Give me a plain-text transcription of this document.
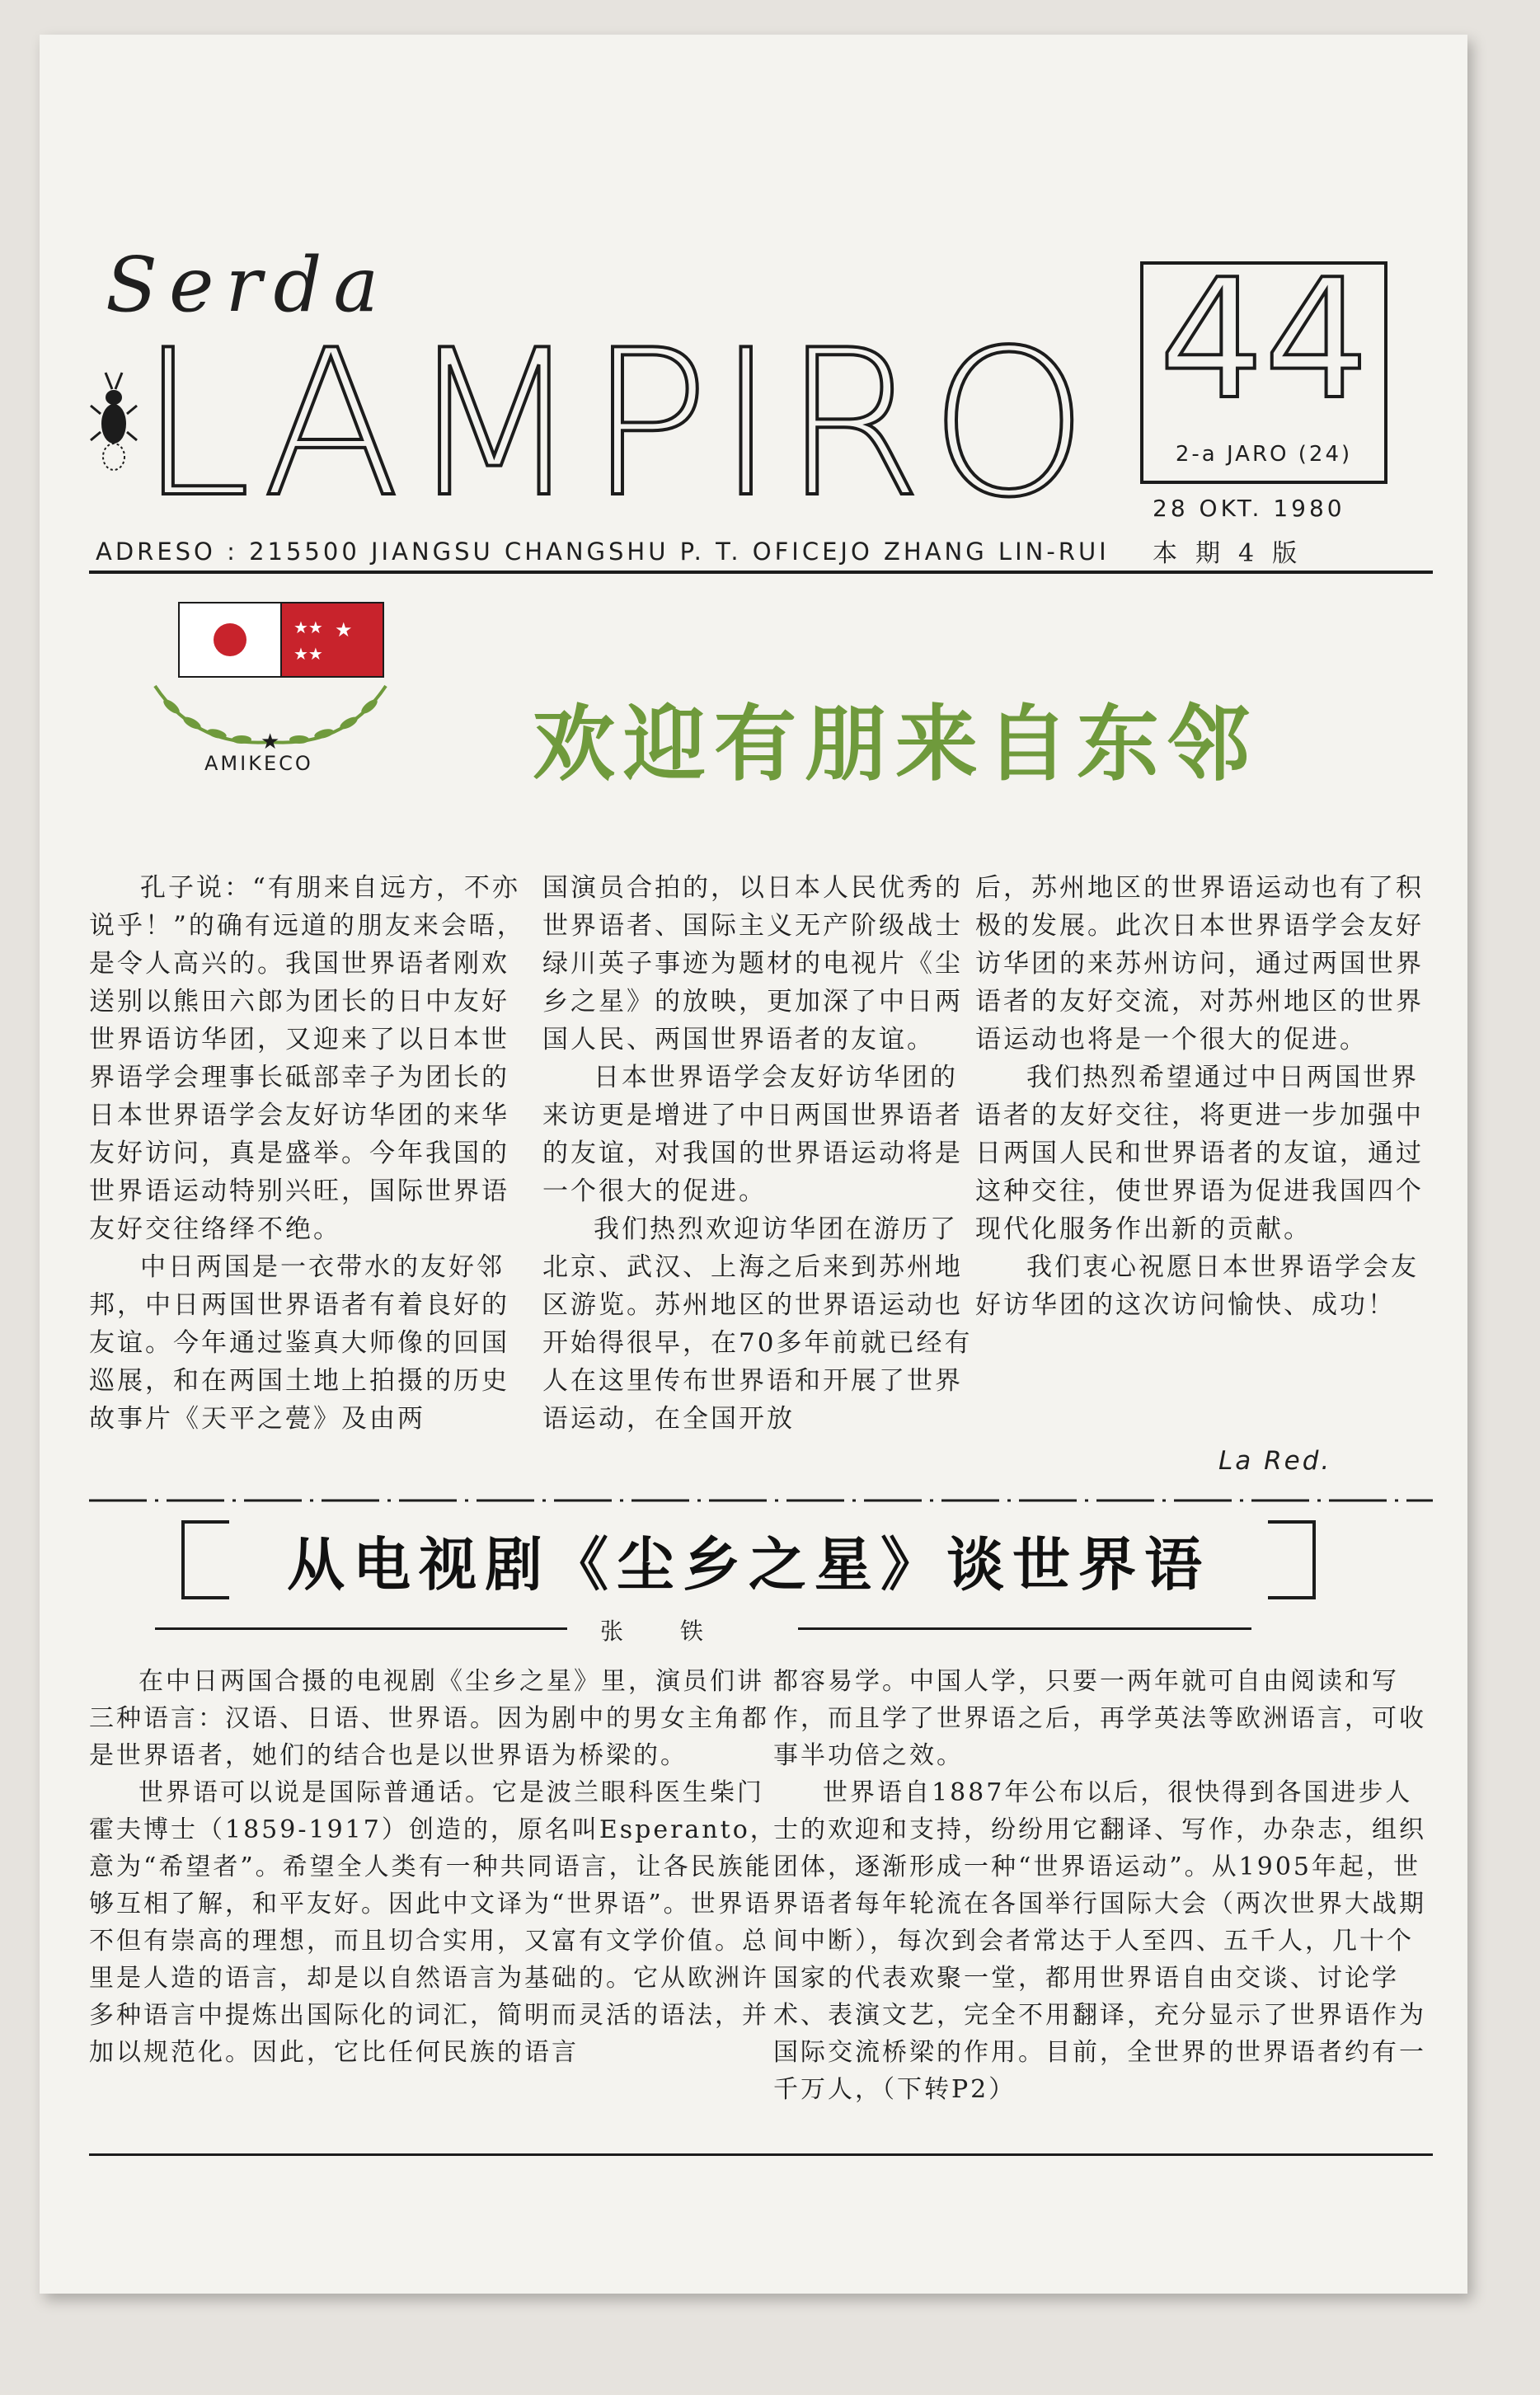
Serda
LAMPIRO 44
2-a JARO (24)
28 OKT. 1980
本期4版
ADRESO : 215500 JIANGSU CHANGSHU P. T. OFICEJO ZHANG LIN-RUI
★★
★★
★
★
AMIKECO	欢迎有朋来自东邻

孔子说：“有朋来自远方，不亦说乎！”的确有远道的朋友来会晤，是令人高兴的。我国世界语者刚欢送别以熊田六郎为团长的日中友好世界语访华团，又迎来了以日本世界语学会理事长砥部幸子为团长的日本世界语学会友好访华团的来华友好访问，真是盛举。今年我国的世界语运动特别兴旺，国际世界语友好交往络绎不绝。

中日两国是一衣带水的友好邻邦，中日两国世界语者有着良好的友谊。今年通过鉴真大师像的回国巡展，和在两国土地上拍摄的历史故事片《天平之甍》及由两

国演员合拍的，以日本人民优秀的世界语者、国际主义无产阶级战士绿川英子事迹为题材的电视片《尘乡之星》的放映，更加深了中日两国人民、两国世界语者的友谊。

日本世界语学会友好访华团的来访更是增进了中日两国世界语者的友谊，对我国的世界语运动将是一个很大的促进。

我们热烈欢迎访华团在游历了北京、武汉、上海之后来到苏州地区游览。苏州地区的世界语运动也开始得很早，在70多年前就已经有人在这里传布世界语和开展了世界语运动，在全国开放

后，苏州地区的世界语运动也有了积极的发展。此次日本世界语学会友好访华团的来苏州访问，通过两国世界语者的友好交流，对苏州地区的世界语运动也将是一个很大的促进。

我们热烈希望通过中日两国世界语者的友好交往，将更进一步加强中日两国人民和世界语者的友谊，通过这种交往，使世界语为促进我国四个现代化服务作出新的贡献。

我们衷心祝愿日本世界语学会友好访华团的这次访问愉快、成功！

La Red.
从电视剧《尘乡之星》谈世界语
张 铁

在中日两国合摄的电视剧《尘乡之星》里，演员们讲三种语言：汉语、日语、世界语。因为剧中的男女主角都是世界语者，她们的结合也是以世界语为桥梁的。

世界语可以说是国际普通话。它是波兰眼科医生柴门霍夫博士（1859-1917）创造的，原名叫Esperanto，意为“希望者”。希望全人类有一种共同语言，让各民族能够互相了解，和平友好。因此中文译为“世界语”。世界语不但有崇高的理想，而且切合实用，又富有文学价值。总里是人造的语言，却是以自然语言为基础的。它从欧洲许多种语言中提炼出国际化的词汇，简明而灵活的语法，并加以规范化。因此，它比任何民族的语言

都容易学。中国人学，只要一两年就可自由阅读和写作，而且学了世界语之后，再学英法等欧洲语言，可收事半功倍之效。

世界语自1887年公布以后，很快得到各国进步人士的欢迎和支持，纷纷用它翻译、写作，办杂志，组织团体，逐渐形成一种“世界语运动”。从1905年起，世界语者每年轮流在各国举行国际大会（两次世界大战期间中断），每次到会者常达于人至四、五千人，几十个国家的代表欢聚一堂，都用世界语自由交谈、讨论学术、表演文艺，完全不用翻译，充分显示了世界语作为国际交流桥梁的作用。目前，全世界的世界语者约有一千万人，（下转P2）
